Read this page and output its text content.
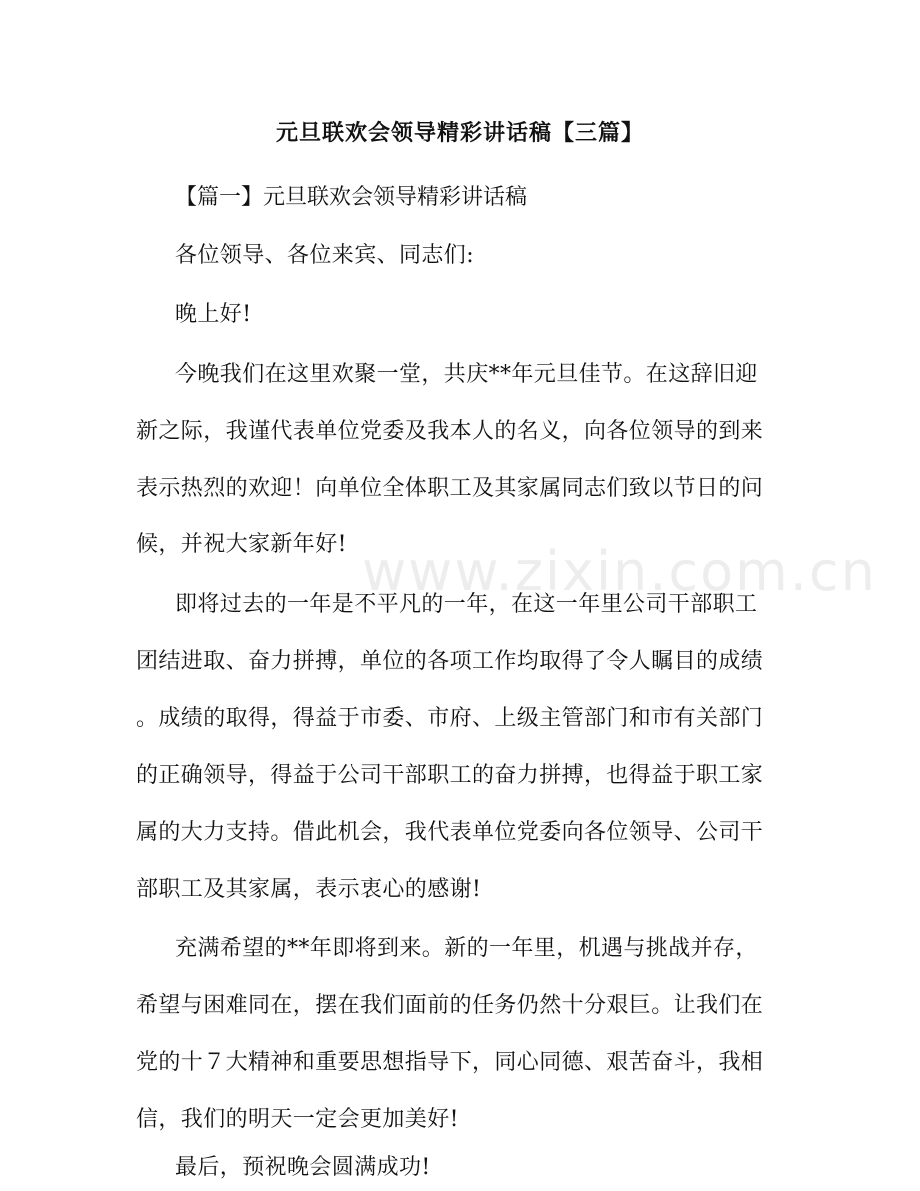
www.zixin.com.cn
元旦联欢会领导精彩讲话稿【三篇】

【篇一】元旦联欢会领导精彩讲话稿

各位领导、各位来宾、同志们:

晚上好!

今晚我们在这里欢聚一堂，共庆**年元旦佳节。在这辞旧迎

新之际，我谨代表单位党委及我本人的名义，向各位领导的到来

表示热烈的欢迎！向单位全体职工及其家属同志们致以节日的问

候，并祝大家新年好!

即将过去的一年是不平凡的一年，在这一年里公司干部职工

团结进取、奋力拼搏，单位的各项工作均取得了令人瞩目的成绩

。成绩的取得，得益于市委、市府、上级主管部门和市有关部门

的正确领导，得益于公司干部职工的奋力拼搏，也得益于职工家

属的大力支持。借此机会，我代表单位党委向各位领导、公司干

部职工及其家属，表示衷心的感谢!

充满希望的**年即将到来。新的一年里，机遇与挑战并存，

希望与困难同在，摆在我们面前的任务仍然十分艰巨。让我们在

党的十７大精神和重要思想指导下，同心同德、艰苦奋斗，我相

信，我们的明天一定会更加美好!

最后，预祝晚会圆满成功!
